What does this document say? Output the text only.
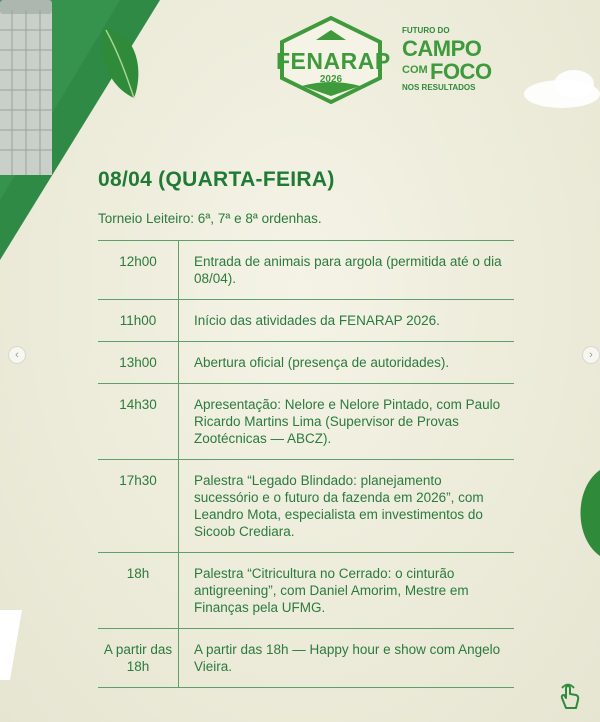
FENARAP
2026
FUTURO DO
CAMPO
COM FOCO
NOS RESULTADOS
‹	›
08/04 (QUARTA-FEIRA)
Torneio Leiteiro: 6ª, 7ª e 8ª ordenhas.
12h00	Entrada de animais para argola (permitida até o dia 08/04).
11h00	Início das atividades da FENARAP 2026.
13h00	Abertura oficial (presença de autoridades).
14h30	Apresentação: Nelore e Nelore Pintado, com Paulo Ricardo Martins Lima (Supervisor de Provas Zootécnicas — ABCZ).
17h30	Palestra “Legado Blindado: planejamento sucessório e o futuro da fazenda em 2026”, com Leandro Mota, especialista em investimentos do Sicoob Crediara.
18h	Palestra “Citricultura no Cerrado: o cinturão antigreening”, com Daniel Amorim, Mestre em Finanças pela UFMG.
A partir das 18h	A partir das 18h — Happy hour e show com Angelo Vieira.
